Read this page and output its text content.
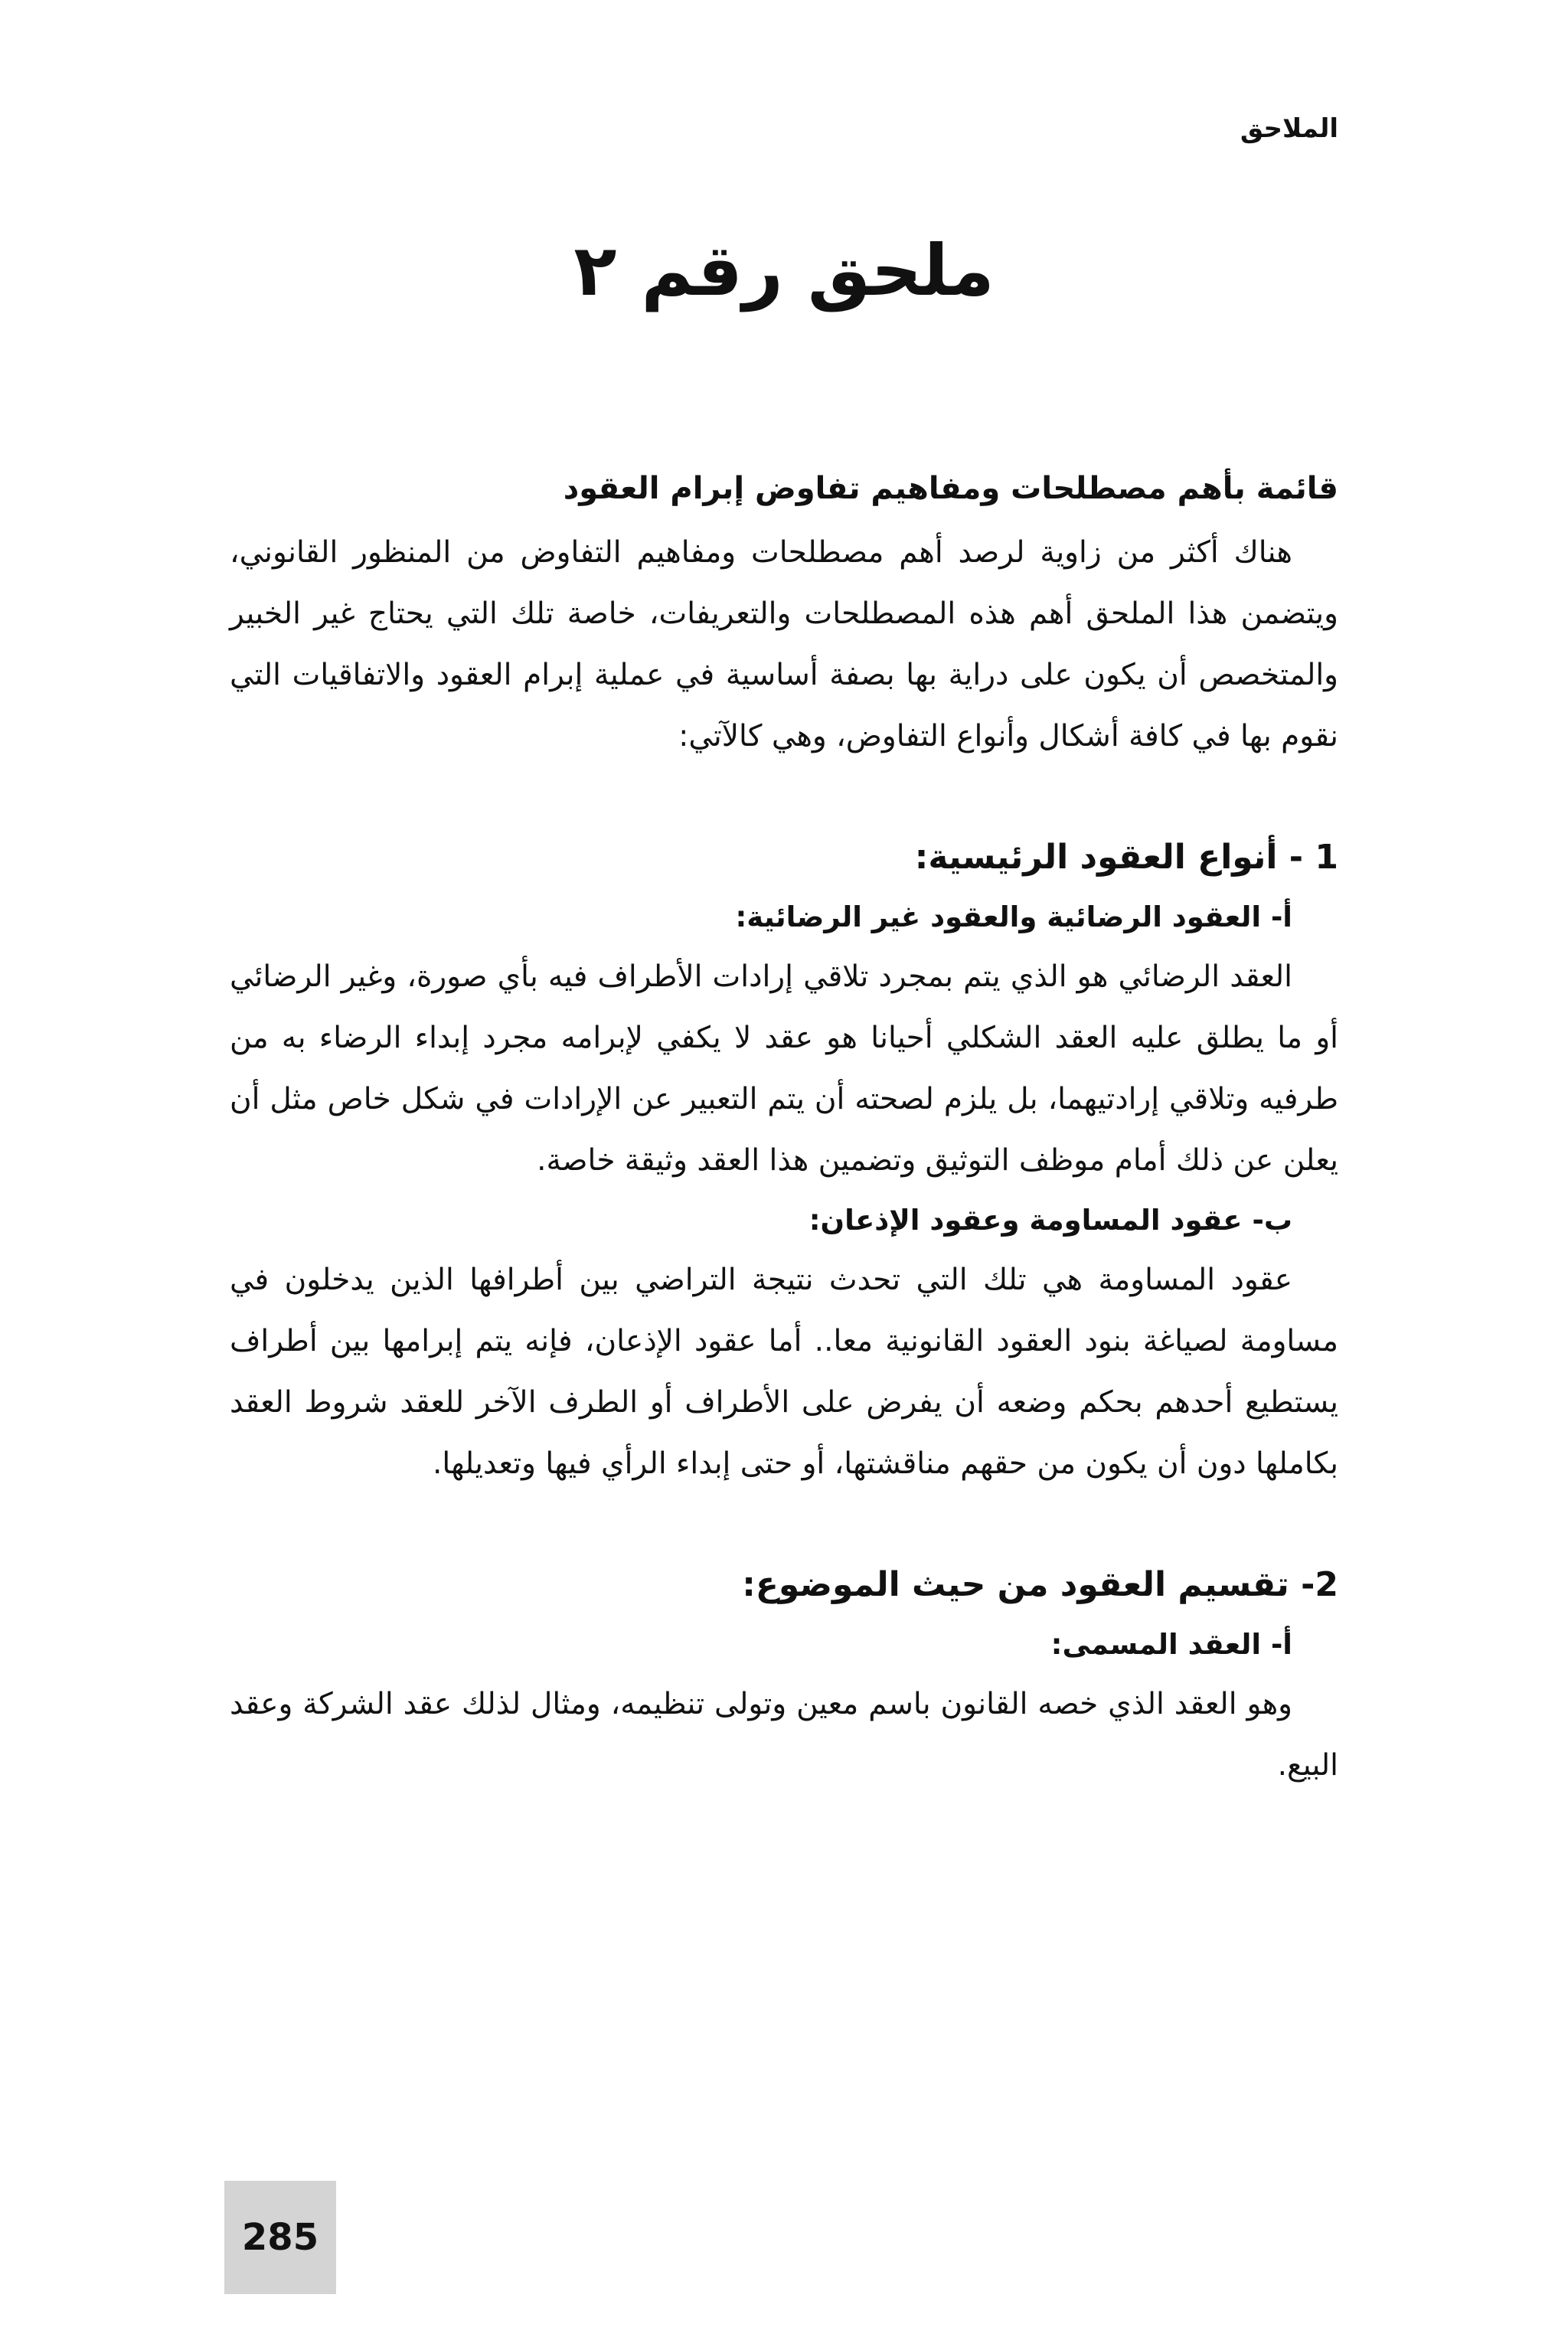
الملاحق
ملحق رقم ٢

قائمة بأهم مصطلحات ومفاهيم تفاوض إبرام العقود

هناك أكثر من زاوية لرصد أهم مصطلحات ومفاهيم التفاوض من المنظور القانوني، ويتضمن هذا الملحق أهم هذه المصطلحات والتعريفات، خاصة تلك التي يحتاج غير الخبير والمتخصص أن يكون على دراية بها بصفة أساسية في عملية إبرام العقود والاتفاقيات التي نقوم بها في كافة أشكال وأنواع التفاوض، وهي كالآتي:

1 - أنواع العقود الرئيسية:

أ- العقود الرضائية والعقود غير الرضائية:

العقد الرضائي هو الذي يتم بمجرد تلاقي إرادات الأطراف فيه بأي صورة، وغير الرضائي أو ما يطلق عليه العقد الشكلي أحيانا هو عقد لا يكفي لإبرامه مجرد إبداء الرضاء به من طرفيه وتلاقي إرادتيهما، بل يلزم لصحته أن يتم التعبير عن الإرادات في شكل خاص مثل أن يعلن عن ذلك أمام موظف التوثيق وتضمين هذا العقد وثيقة خاصة.

ب- عقود المساومة وعقود الإذعان:

عقود المساومة هي تلك التي تحدث نتيجة التراضي بين أطرافها الذين يدخلون في مساومة لصياغة بنود العقود القانونية معا.. أما عقود الإذعان، فإنه يتم إبرامها بين أطراف يستطيع أحدهم بحكم وضعه أن يفرض على الأطراف أو الطرف الآخر للعقد شروط العقد بكاملها دون أن يكون من حقهم مناقشتها، أو حتى إبداء الرأي فيها وتعديلها.

2- تقسيم العقود من حيث الموضوع:

أ- العقد المسمى:

وهو العقد الذي خصه القانون باسم معين وتولى تنظيمه، ومثال لذلك عقد الشركة وعقد البيع.

285
